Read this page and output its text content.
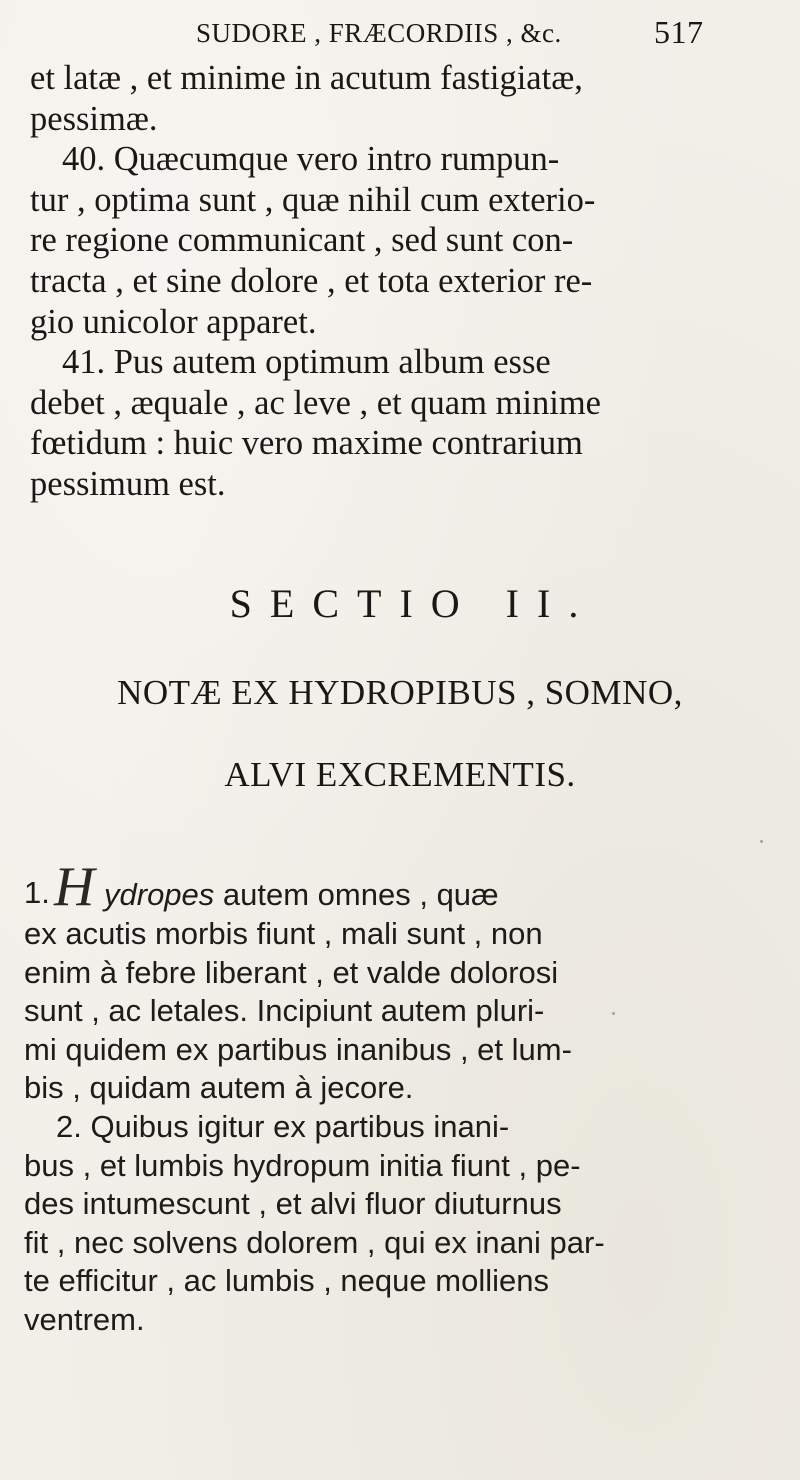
SUDORE , FRÆCORDIIS , &c.	517
et latæ , et minime in acutum fastigiatæ,
pessimæ.
40. Quæcumque vero intro rumpun-
tur , optima sunt , quæ nihil cum exterio-
re regione communicant , sed sunt con-
tracta , et sine dolore , et tota exterior re-
gio unicolor apparet.
41. Pus autem optimum album esse
debet , æquale , ac leve , et quam minime
fœtidum : huic vero maxime contrarium
pessimum est.
SECTIO II.
NOTÆ EX HYDROPIBUS , SOMNO,
ALVI EXCREMENTIS.
1. H ydropes autem omnes , quæ
ex acutis morbis fiunt , mali sunt , non
enim à febre liberant , et valde dolorosi
sunt , ac letales. Incipiunt autem pluri-
mi quidem ex partibus inanibus , et lum-
bis , quidam autem à jecore.
2. Quibus igitur ex partibus inani-
bus , et lumbis hydropum initia fiunt , pe-
des intumescunt , et alvi fluor diuturnus
fit , nec solvens dolorem , qui ex inani par-
te efficitur , ac lumbis , neque molliens
ventrem.
